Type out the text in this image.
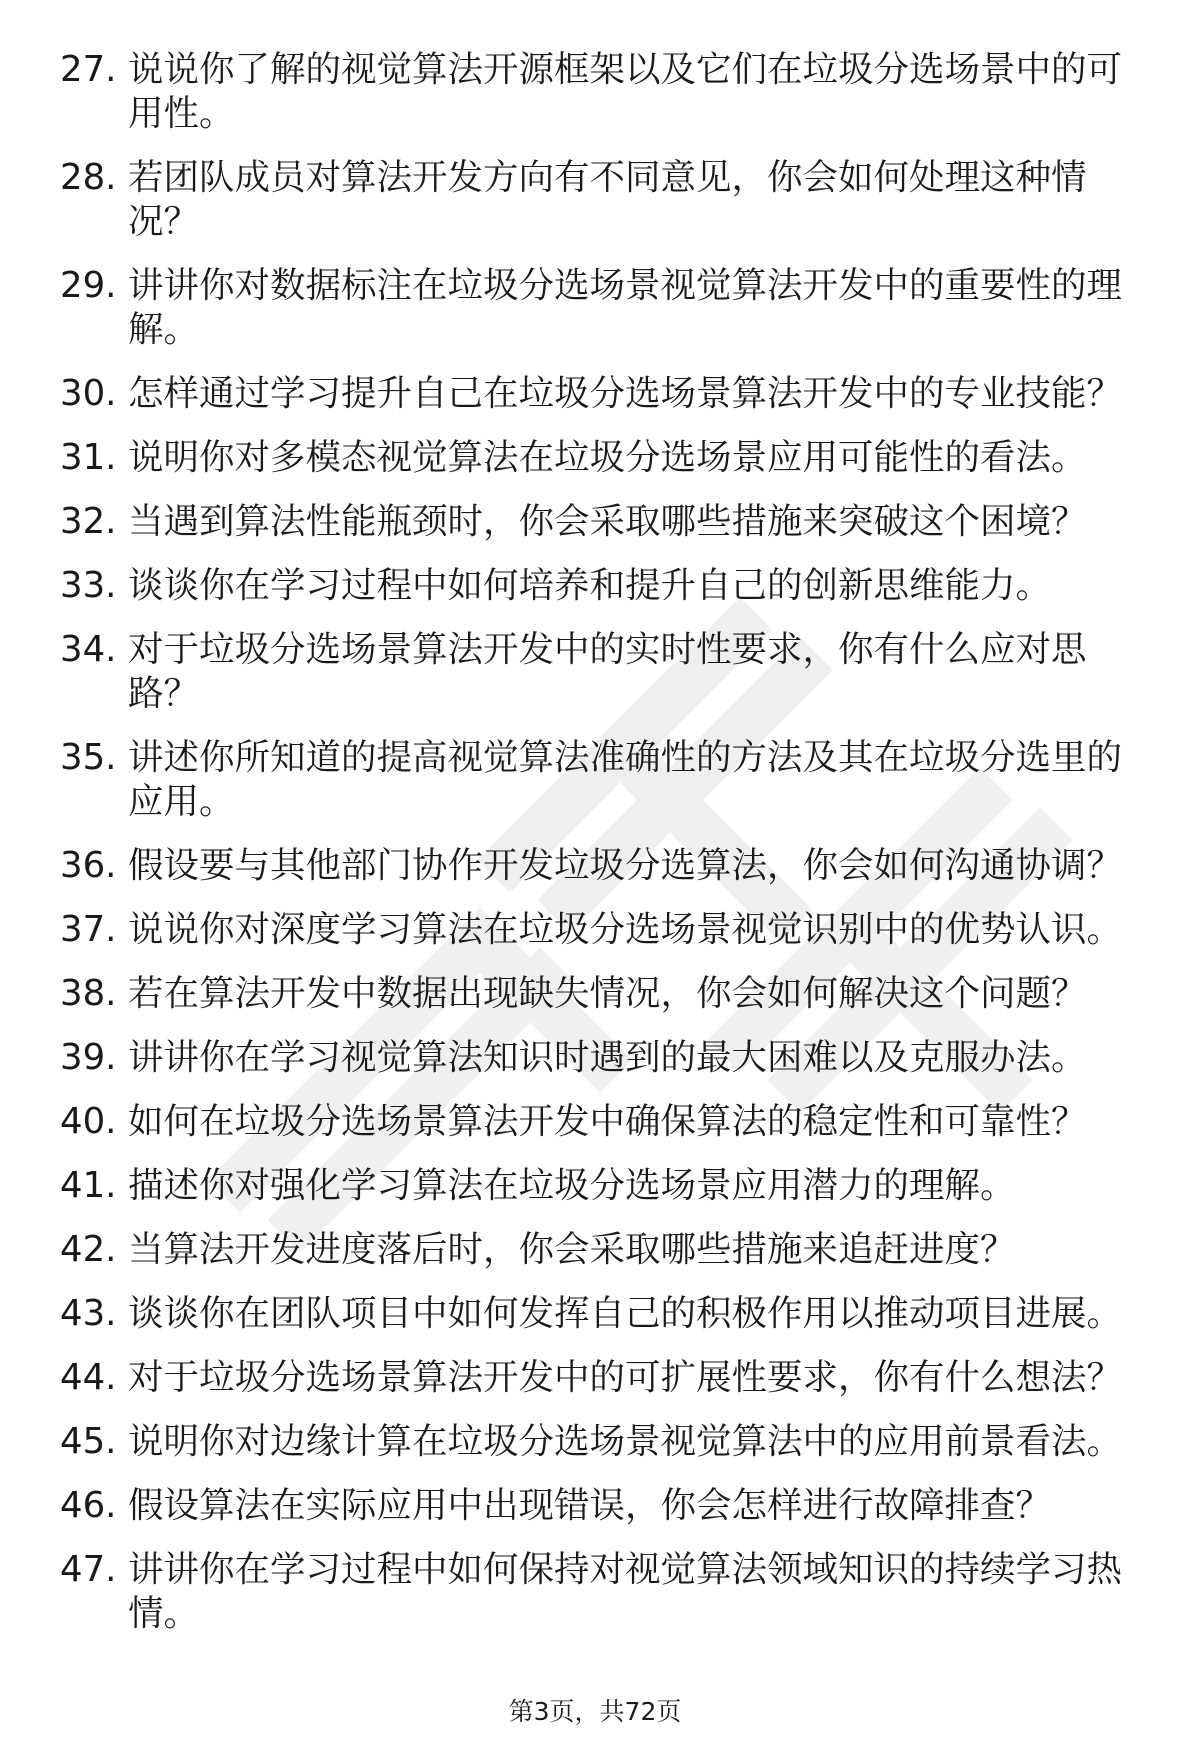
27. 说说你了解的视觉算法开源框架以及它们在垃圾分选场景中的可用性。
28. 若团队成员对算法开发方向有不同意见，你会如何处理这种情况？
29. 讲讲你对数据标注在垃圾分选场景视觉算法开发中的重要性的理解。
30. 怎样通过学习提升自己在垃圾分选场景算法开发中的专业技能？
31. 说明你对多模态视觉算法在垃圾分选场景应用可能性的看法。
32. 当遇到算法性能瓶颈时，你会采取哪些措施来突破这个困境？
33. 谈谈你在学习过程中如何培养和提升自己的创新思维能力。
34. 对于垃圾分选场景算法开发中的实时性要求，你有什么应对思路？
35. 讲述你所知道的提高视觉算法准确性的方法及其在垃圾分选里的应用。
36. 假设要与其他部门协作开发垃圾分选算法，你会如何沟通协调？
37. 说说你对深度学习算法在垃圾分选场景视觉识别中的优势认识。
38. 若在算法开发中数据出现缺失情况，你会如何解决这个问题？
39. 讲讲你在学习视觉算法知识时遇到的最大困难以及克服办法。
40. 如何在垃圾分选场景算法开发中确保算法的稳定性和可靠性？
41. 描述你对强化学习算法在垃圾分选场景应用潜力的理解。
42. 当算法开发进度落后时，你会采取哪些措施来追赶进度？
43. 谈谈你在团队项目中如何发挥自己的积极作用以推动项目进展。
44. 对于垃圾分选场景算法开发中的可扩展性要求，你有什么想法？
45. 说明你对边缘计算在垃圾分选场景视觉算法中的应用前景看法。
46. 假设算法在实际应用中出现错误，你会怎样进行故障排查？
47. 讲讲你在学习过程中如何保持对视觉算法领域知识的持续学习热情。
第3页，共72页
